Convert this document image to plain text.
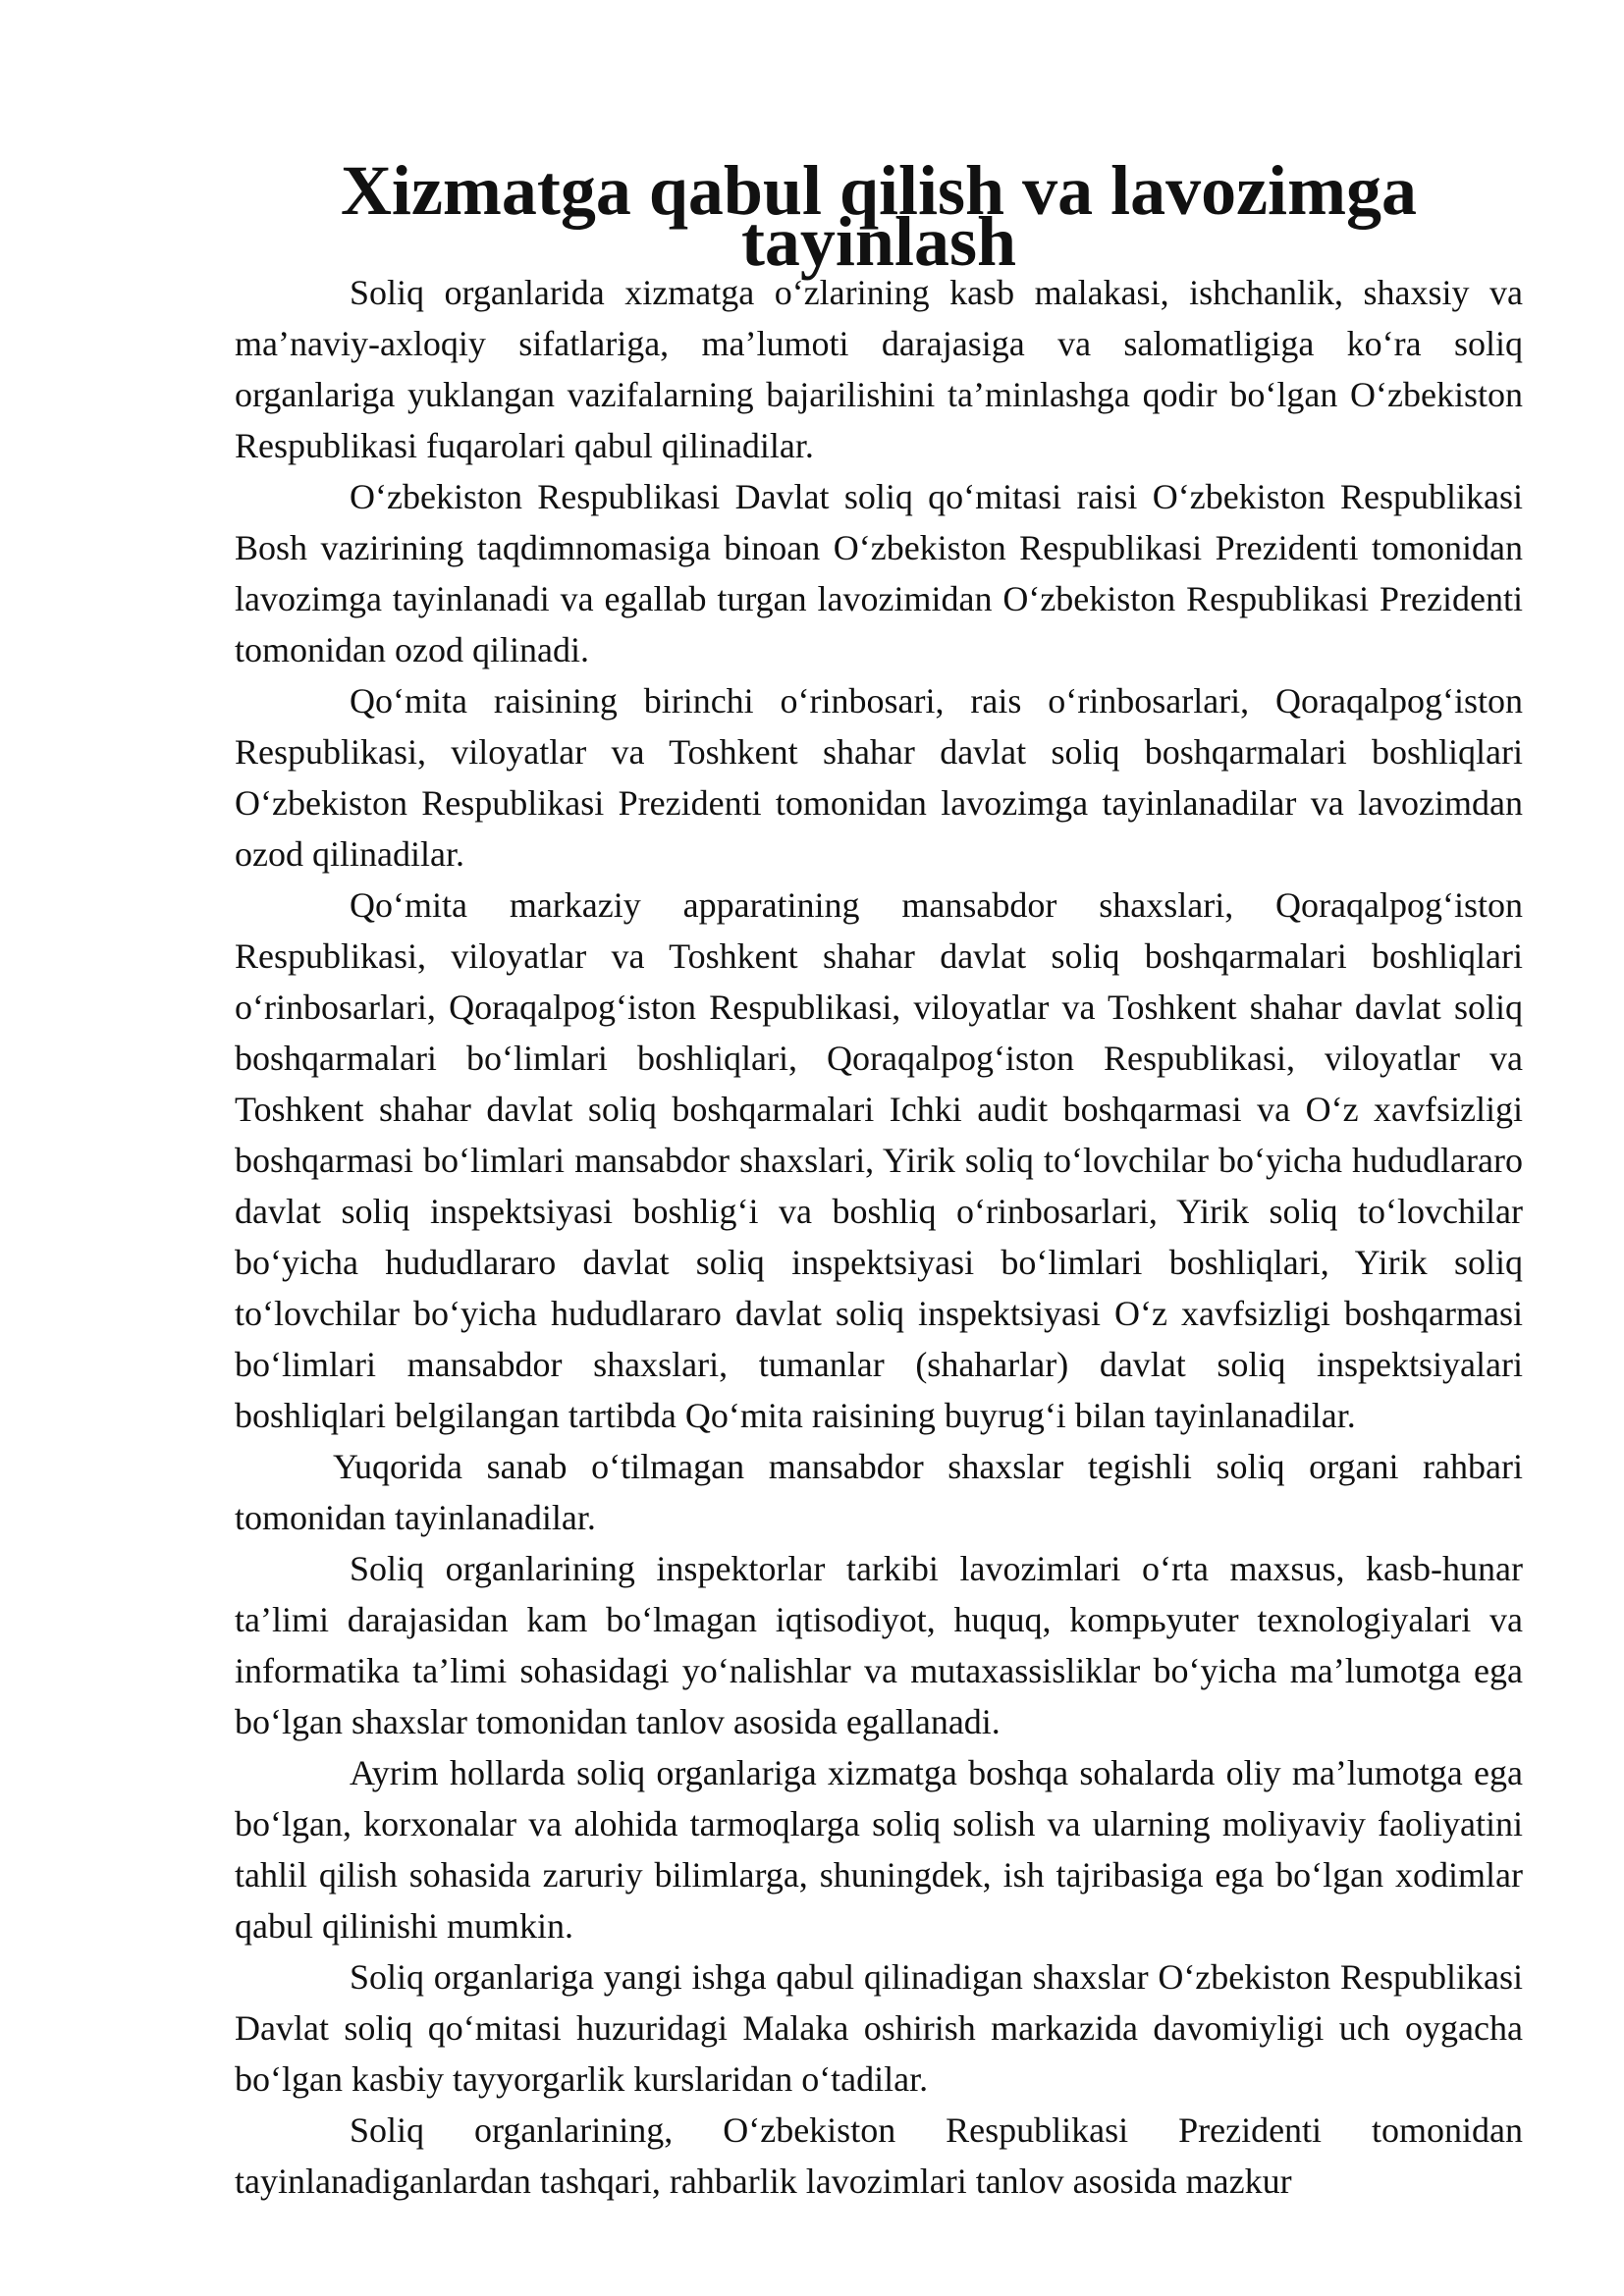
Xizmatga qabul qilish va lavozimga tayinlash

Soliq organlarida xizmatga o‘zlarining kasb malakasi, ishchanlik, shaxsiy va ma’naviy-axloqiy sifatlariga, ma’lumoti darajasiga va salomatligiga ko‘ra soliq organlariga yuklangan vazifalarning bajarilishini ta’minlashga qodir bo‘lgan O‘zbekiston Respublikasi fuqarolari qabul qilinadilar.

O‘zbekiston Respublikasi Davlat soliq qo‘mitasi raisi O‘zbekiston Respublikasi Bosh vazirining taqdimnomasiga binoan O‘zbekiston Respublikasi Prezidenti tomonidan lavozimga tayinlanadi va egallab turgan lavozimidan O‘zbekiston Respublikasi Prezidenti tomonidan ozod qilinadi.

Qo‘mita raisining birinchi o‘rinbosari, rais o‘rinbosarlari, Qoraqalpog‘iston Respublikasi, viloyatlar va Toshkent shahar davlat soliq boshqarmalari boshliqlari O‘zbekiston Respublikasi Prezidenti tomonidan lavozimga tayinlanadilar va lavozimdan ozod qilinadilar.

Qo‘mita markaziy apparatining mansabdor shaxslari, Qoraqalpog‘iston Respublikasi, viloyatlar va Toshkent shahar davlat soliq boshqarmalari boshliqlari o‘rinbosarlari, Qoraqalpog‘iston Respublikasi, viloyatlar va Toshkent shahar davlat soliq boshqarmalari bo‘limlari boshliqlari, Qoraqalpog‘iston Respublikasi, viloyatlar va Toshkent shahar davlat soliq boshqarmalari Ichki audit boshqarmasi va O‘z xavfsizligi boshqarmasi bo‘limlari mansabdor shaxslari, Yirik soliq to‘lovchilar bo‘yicha hududlararo davlat soliq inspektsiyasi boshlig‘i va boshliq o‘rinbosarlari, Yirik soliq to‘lovchilar bo‘yicha hududlararo davlat soliq inspektsiyasi bo‘limlari boshliqlari, Yirik soliq to‘lovchilar bo‘yicha hududlararo davlat soliq inspektsiyasi O‘z xavfsizligi boshqarmasi bo‘limlari mansabdor shaxslari, tumanlar (shaharlar) davlat soliq inspektsiyalari boshliqlari belgilangan tartibda Qo‘mita raisining buyrug‘i bilan tayinlanadilar.

Yuqorida sanab o‘tilmagan mansabdor shaxslar tegishli soliq organi rahbari tomonidan tayinlanadilar.

Soliq organlarining inspektorlar tarkibi lavozimlari o‘rta maxsus, kasb-hunar ta’limi darajasidan kam bo‘lmagan iqtisodiyot, huquq, kompьyuter texnologiyalari va informatika ta’limi sohasidagi yo‘nalishlar va mutaxassisliklar bo‘yicha ma’lumotga ega bo‘lgan shaxslar tomonidan tanlov asosida egallanadi.

Ayrim hollarda soliq organlariga xizmatga boshqa sohalarda oliy ma’lumotga ega bo‘lgan, korxonalar va alohida tarmoqlarga soliq solish va ularning moliyaviy faoliyatini tahlil qilish sohasida zaruriy bilimlarga, shuningdek, ish tajribasiga ega bo‘lgan xodimlar qabul qilinishi mumkin.

Soliq organlariga yangi ishga qabul qilinadigan shaxslar O‘zbekiston Respublikasi Davlat soliq qo‘mitasi huzuridagi Malaka oshirish markazida davomiyligi uch oygacha bo‘lgan kasbiy tayyorgarlik kurslaridan o‘tadilar.

Soliq organlarining, O‘zbekiston Respublikasi Prezidenti tomonidan tayinlanadiganlardan tashqari, rahbarlik lavozimlari tanlov asosida mazkur
